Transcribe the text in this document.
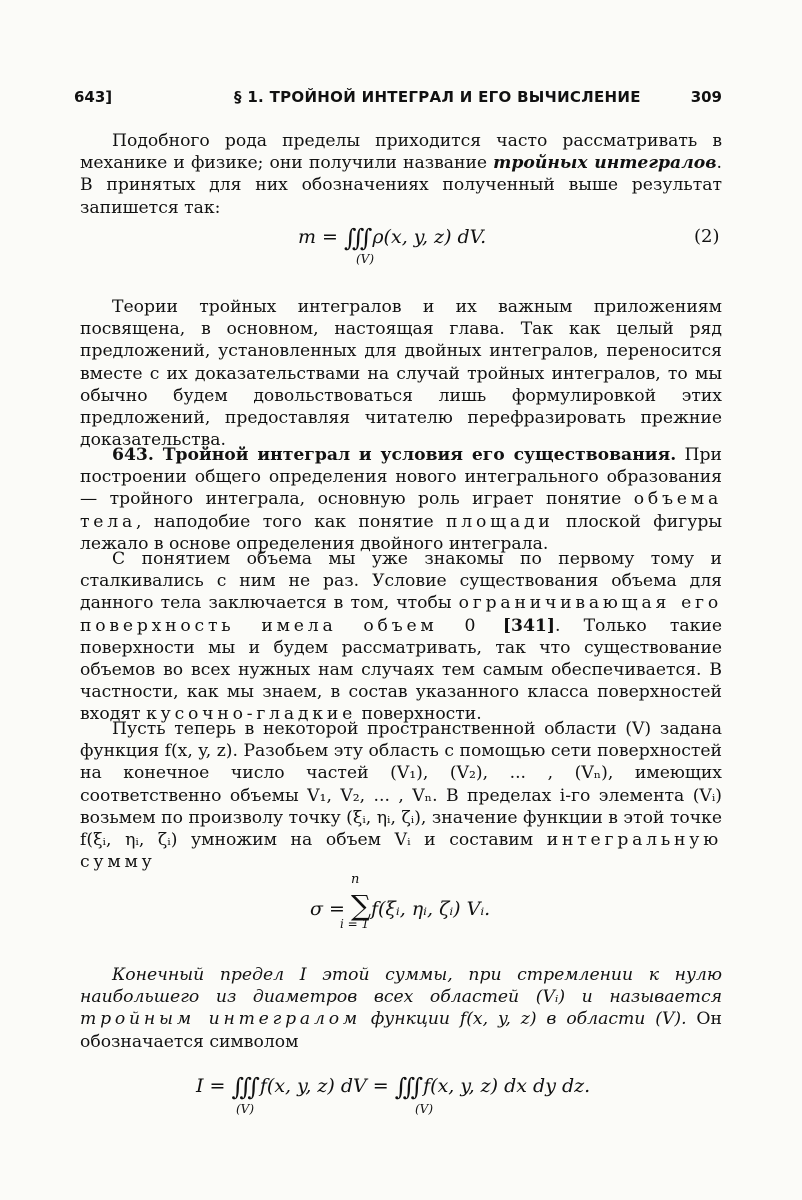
643]	§ 1. ТРОЙНОЙ ИНТЕГРАЛ И ЕГО ВЫЧИСЛЕНИЕ	309
Подобного рода пределы приходится часто рассматривать в механике и физике; они получили название тройных интегралов. В принятых для них обозначениях полученный выше результат запишется так:
m = ∭ρ(x, y, z) dV.
(V)
(2)
Теории тройных интегралов и их важным приложениям посвящена, в основном, настоящая глава. Так как целый ряд предложений, установленных для двойных интегралов, переносится вместе с их доказательствами на случай тройных интегралов, то мы обычно будем довольствоваться лишь формулировкой этих предложений, предоставляя читателю перефразировать прежние доказательства.
643. Тройной интеграл и условия его существования. При построении общего определения нового интегрального образования — тройного интеграла, основную роль играет понятие объема тела, наподобие того как понятие площади плоской фигуры лежало в основе определения двойного интеграла.
С понятием объема мы уже знакомы по первому тому и сталкивались с ним не раз. Условие существования объема для данного тела заключается в том, чтобы ограничивающая его поверхность имела объем 0 [341]. Только такие поверхности мы и будем рассматривать, так что существование объемов во всех нужных нам случаях тем самым обеспечивается. В частности, как мы знаем, в состав указанного класса поверхностей входят кусочно-гладкие поверхности.
Пусть теперь в некоторой пространственной области (V) задана функция f(x, y, z). Разобьем эту область с помощью сети поверхностей на конечное число частей (V₁), (V₂), ... , (Vₙ), имеющих соответственно объемы V₁, V₂, ... , Vₙ. В пределах i-го элемента (Vᵢ) возьмем по произволу точку (ξᵢ, ηᵢ, ζᵢ), значение функции в этой точке f(ξᵢ, ηᵢ, ζᵢ) умножим на объем Vᵢ и составим интегральную сумму
n
σ = ∑f(ξᵢ, ηᵢ, ζᵢ) Vᵢ.
i = 1
Конечный предел I этой суммы, при стремлении к нулю наибольшего из диаметров всех областей (Vᵢ) и называется тройным интегралом функции f(x, y, z) в области (V). Он обозначается символом
I = ∭f(x, y, z) dV = ∭f(x, y, z) dx dy dz.
(V)	(V)
